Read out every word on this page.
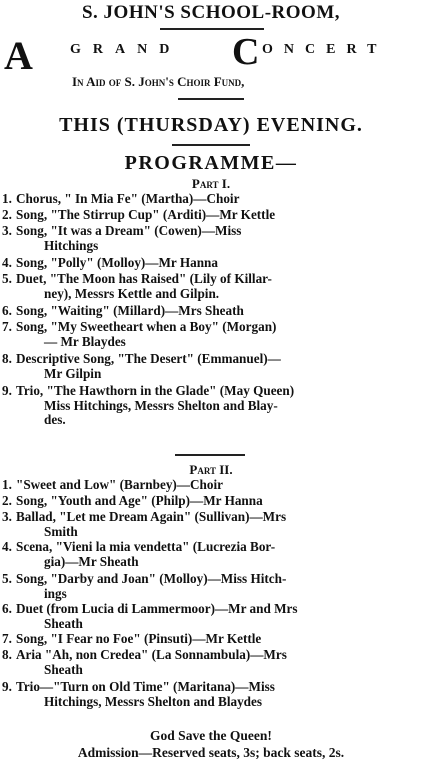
S. JOHN'S SCHOOL-ROOM,
A	GRAND C ONCERT
In Aid of S. John's Choir Fund,
THIS (THURSDAY) EVENING.
PROGRAMME—
Part I.
1. Chorus, " In Mia Fe" (Martha)—Choir
2. Song, "The Stirrup Cup" (Arditi)—Mr Kettle
3. Song, "It was a Dream" (Cowen)—Miss
Hitchings
4. Song, "Polly" (Molloy)—Mr Hanna
5. Duet, "The Moon has Raised" (Lily of Killar-
ney), Messrs Kettle and Gilpin.
6. Song, "Waiting" (Millard)—Mrs Sheath
7. Song, "My Sweetheart when a Boy" (Morgan)
— Mr Blaydes
8. Descriptive Song, "The Desert" (Emmanuel)—
Mr Gilpin
9. Trio, "The Hawthorn in the Glade" (May Queen)
Miss Hitchings, Messrs Shelton and Blay-
des.
Part II.
1. "Sweet and Low" (Barnbey)—Choir
2. Song, "Youth and Age" (Philp)—Mr Hanna
3. Ballad, "Let me Dream Again" (Sullivan)—Mrs
Smith
4. Scena, "Vieni la mia vendetta" (Lucrezia Bor-
gia)—Mr Sheath
5. Song, "Darby and Joan" (Molloy)—Miss Hitch-
ings
6. Duet (from Lucia di Lammermoor)—Mr and Mrs
Sheath
7. Song, "I Fear no Foe" (Pinsuti)—Mr Kettle
8. Aria "Ah, non Credea" (La Sonnambula)—Mrs
Sheath
9. Trio—"Turn on Old Time" (Maritana)—Miss
Hitchings, Messrs Shelton and Blaydes
God Save the Queen!
Admission—Reserved seats, 3s; back seats, 2s.
